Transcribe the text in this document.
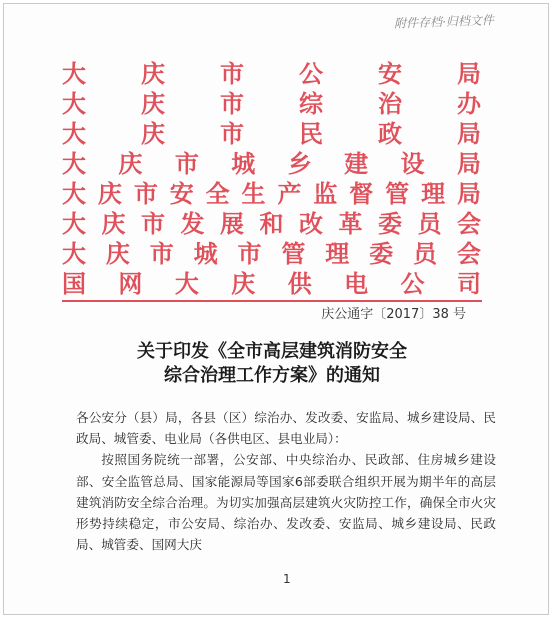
附件存档·归档文件
大 庆 市 公 安 局
大 庆 市 综 治 办
大 庆 市 民 政 局
大 庆 市 城 乡 建 设 局
大 庆 市 安 全 生 产 监 督 管 理 局
大 庆 市 发 展 和 改 革 委 员 会
大 庆 市 城 市 管 理 委 员 会
国 网 大 庆 供 电 公 司
庆公通字〔2017〕38 号
关于印发《全市高层建筑消防安全
综合治理工作方案》的通知

各公安分（县）局，各县（区）综治办、发改委、安监局、城乡建设局、民政局、城管委、电业局（各供电区、县电业局）：

按照国务院统一部署，公安部、中央综治办、民政部、住房城乡建设部、安全监管总局、国家能源局等国家6部委联合组织开展为期半年的高层建筑消防安全综合治理。为切实加强高层建筑火灾防控工作，确保全市火灾形势持续稳定，市公安局、综治办、发改委、安监局、城乡建设局、民政局、城管委、国网大庆

1
